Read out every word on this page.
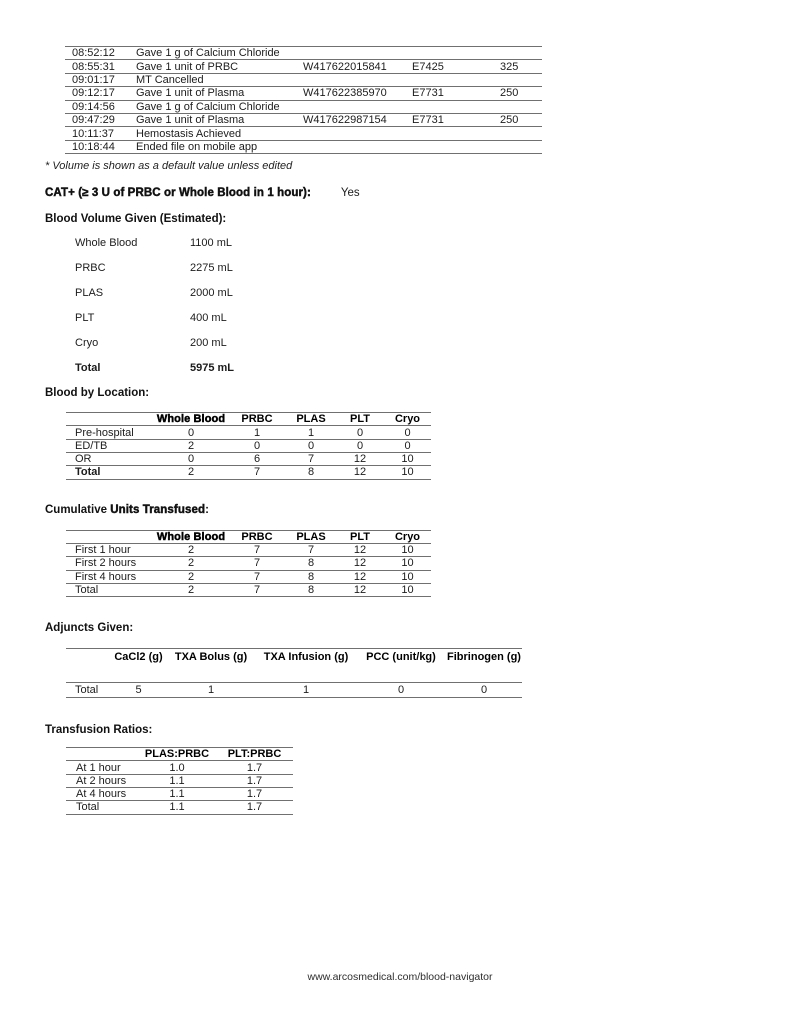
08:52:12	Gave 1 g of Calcium Chloride			
08:55:31	Gave 1 unit of PRBC	W417622015841	E7425	325
09:01:17	MT Cancelled			
09:12:17	Gave 1 unit of Plasma	W417622385970	E7731	250
09:14:56	Gave 1 g of Calcium Chloride			
09:47:29	Gave 1 unit of Plasma	W417622987154	E7731	250
10:11:37	Hemostasis Achieved			
10:18:44	Ended file on mobile app			
* Volume is shown as a default value unless edited
CAT+ (≥ 3 U of PRBC or Whole Blood in 1 hour):	Yes
Blood Volume Given (Estimated):
Whole Blood	1100 mL
PRBC	2275 mL
PLAS	2000 mL
PLT	400 mL
Cryo	200 mL
Total	5975 mL
Blood by Location:
	Whole Blood	PRBC	PLAS	PLT	Cryo
Pre-hospital	0	1	1	0	0
ED/TB	2	0	0	0	0
OR	0	6	7	12	10
Total	2	7	8	12	10
Cumulative Units Transfused:
	Whole Blood	PRBC	PLAS	PLT	Cryo
First 1 hour	2	7	7	12	10
First 2 hours	2	7	8	12	10
First 4 hours	2	7	8	12	10
Total	2	7	8	12	10
Adjuncts Given:
	CaCl2 (g)	TXA Bolus (g)	TXA Infusion (g)	PCC (unit/kg)	Fibrinogen (g)

Total	5	1	1	0	0
Transfusion Ratios:
	PLAS:PRBC	PLT:PRBC
At 1 hour	1.0	1.7
At 2 hours	1.1	1.7
At 4 hours	1.1	1.7
Total	1.1	1.7
www.arcosmedical.com/blood-navigator
